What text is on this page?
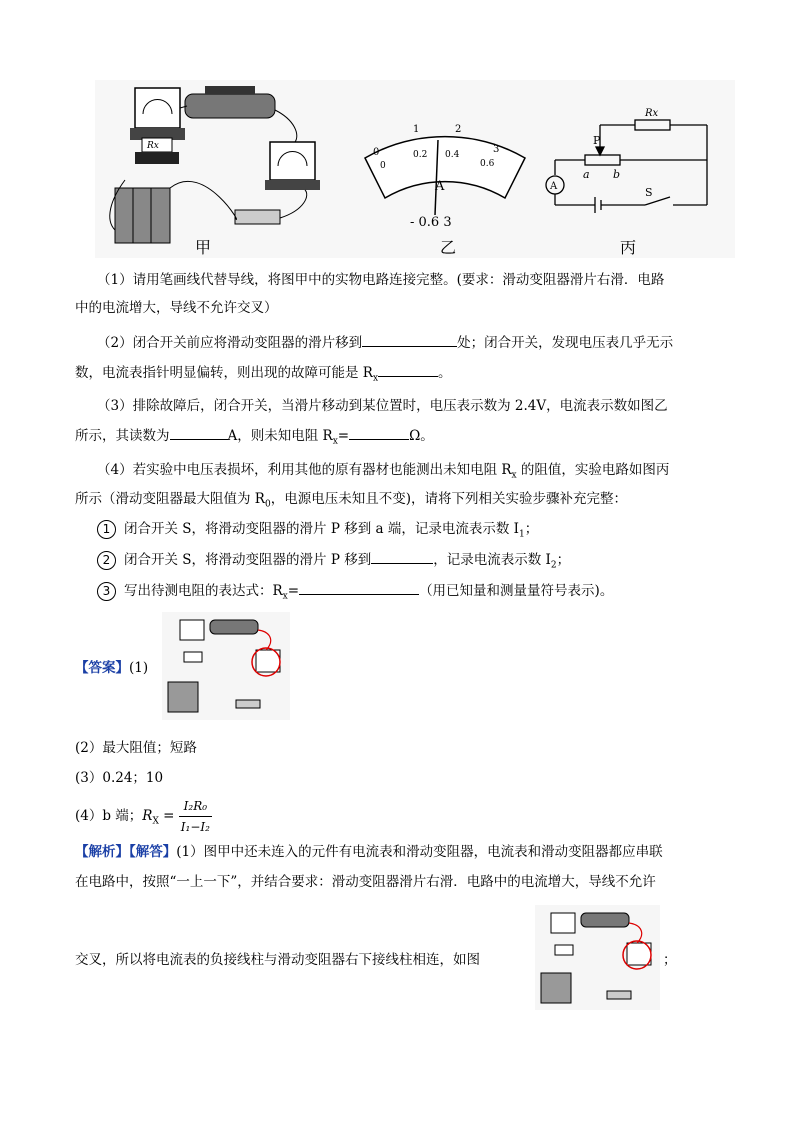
0
1	2
3
0
0.2 0.4
0.6
A
- 0.6 3
Rx
P
a b
S
A
Rx
甲	乙	丙
（1）请用笔画线代替导线，将图甲中的实物电路连接完整。(要求：滑动变阻器滑片右滑．电路
中的电流增大，导线不允许交叉）
（2）闭合开关前应将滑动变阻器的滑片移到	处；闭合开关，发现电压表几乎无示
数，电流表指针明显偏转，则出现的故障可能是 $R_x$	。
（3）排除故障后，闭合开关，当滑片移动到某位置时，电压表示数为 2.4V，电流表示数如图乙
所示，其读数为	A，则未知电阻 $R_x=$	Ω。
（4）若实验中电压表损坏，利用其他的原有器材也能测出未知电阻 $R_x$ 的阻值，实验电路如图丙
所示（滑动变阻器最大阻值为 $R_0$，电源电压未知且不变)，请将下列相关实验步骤补充完整：
1 闭合开关 S，将滑动变阻器的滑片 P 移到 a 端，记录电流表示数 $I_1$；
2 闭合开关 S，将滑动变阻器的滑片 P 移到	，记录电流表示数 $I_2$；
3 写出待测电阻的表达式：$R_x=$	（用已知量和测量量符号表示)。
【答案】(1)
(2）最大阻值；短路
(3）0.24；10
(4）b 端；$R_X = \frac{\text{I₂R₀}}{\text{I₁−I₂}}$
【解析】【解答】(1）图甲中还未连入的元件有电流表和滑动变阻器，电流表和滑动变阻器都应串联
在电路中，按照“一上一下”，并结合要求：滑动变阻器滑片右滑．电路中的电流增大，导线不允许
交叉，所以将电流表的负接线柱与滑动变阻器右下接线柱相连，如图	；
